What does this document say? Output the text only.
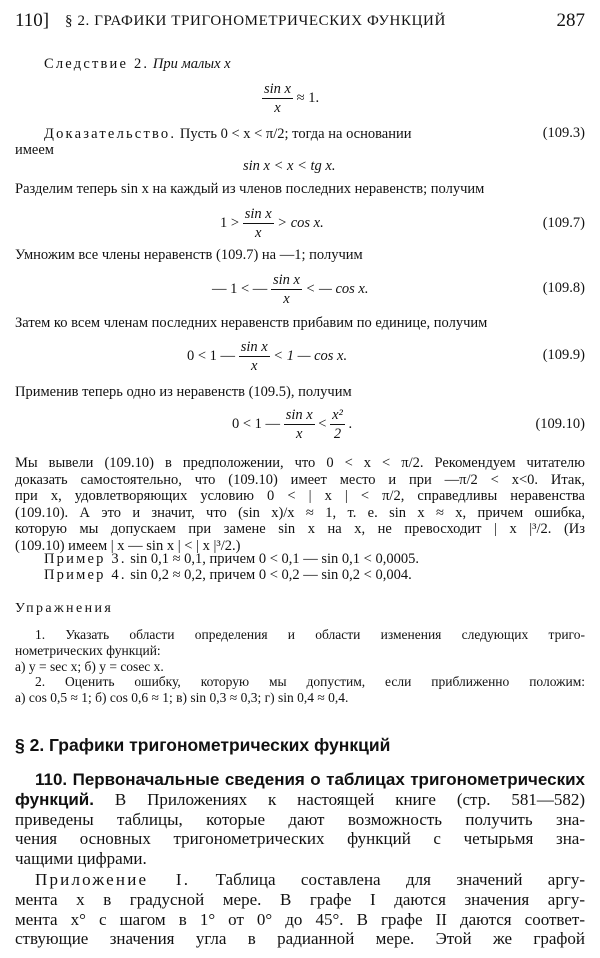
110] § 2. ГРАФИКИ ТРИГОНОМЕТРИЧЕСКИХ ФУНКЦИЙ	287
Следствие 2. При малых x
$\frac{\text{sin x}}{x} \approx 1$.
Доказательство. Пусть 0 < x < π/2; тогда на основании	(109.3)
имеем
sin x < x < tg x.
Разделим теперь sin x на каждый из членов последних неравенств; получим
$1 > \frac{\text{sin x}}{x} > \cos x$.	(109.7)
Умножим все члены неравенств (109.7) на —1; получим
— 1 < — $\frac{\text{sin x}}{x}$ < — cos x.	(109.8)
Затем ко всем членам последних неравенств прибавим по единице, получим
0 < 1 — $\frac{\text{sin x}}{x} < 1$ — cos x.	(109.9)
Применив теперь одно из неравенств (109.5), получим
0 < 1 — $\frac{\text{sin x}}{x} < \frac{\text{x²}}{2}$ .	(109.10)
Мы вывели (109.10) в предположении, что 0 < x < π/2. Рекомендуем читателю
доказать самостоятельно, что (109.10) имеет место и при —π/2 < x<0. Итак,
при x, удовлетворяющих условию 0 < | x | < π/2, справедливы неравенства
(109.10). А это и значит, что (sin x)/x ≈ 1, т. е. sin x ≈ x, причем ошибка,
которую мы допускаем при замене sin x на x, не превосходит | x |³/2. (Из
(109.10) имеем | x — sin x | < | x |³/2.)
Пример 3. sin 0,1 ≈ 0,1, причем 0 < 0,1 — sin 0,1 < 0,0005.
Пример 4. sin 0,2 ≈ 0,2, причем 0 < 0,2 — sin 0,2 < 0,004.
Упражнения
1. Указать области определения и области изменения следующих триго-
нометрических функций:
а) y = sec x; б) y = cosec x.
2. Оценить ошибку, которую мы допустим, если приближенно положим:
а) cos 0,5 ≈ 1; б) cos 0,6 ≈ 1; в) sin 0,3 ≈ 0,3; г) sin 0,4 ≈ 0,4.
§ 2. Графики тригонометрических функций
110. Первоначальные сведения о таблицах тригонометрических
функций. В Приложениях к настоящей книге (стр. 581—582)
приведены таблицы, которые дают возможность получить зна-
чения основных тригонометрических функций с четырьмя зна-
чащими цифрами.
Приложение I. Таблица составлена для значений аргу-
мента x в градусной мере. В графе I даются значения аргу-
мента x° с шагом в 1° от 0° до 45°. В графе II даются соответ-
ствующие значения угла в радианной мере. Этой же графой
